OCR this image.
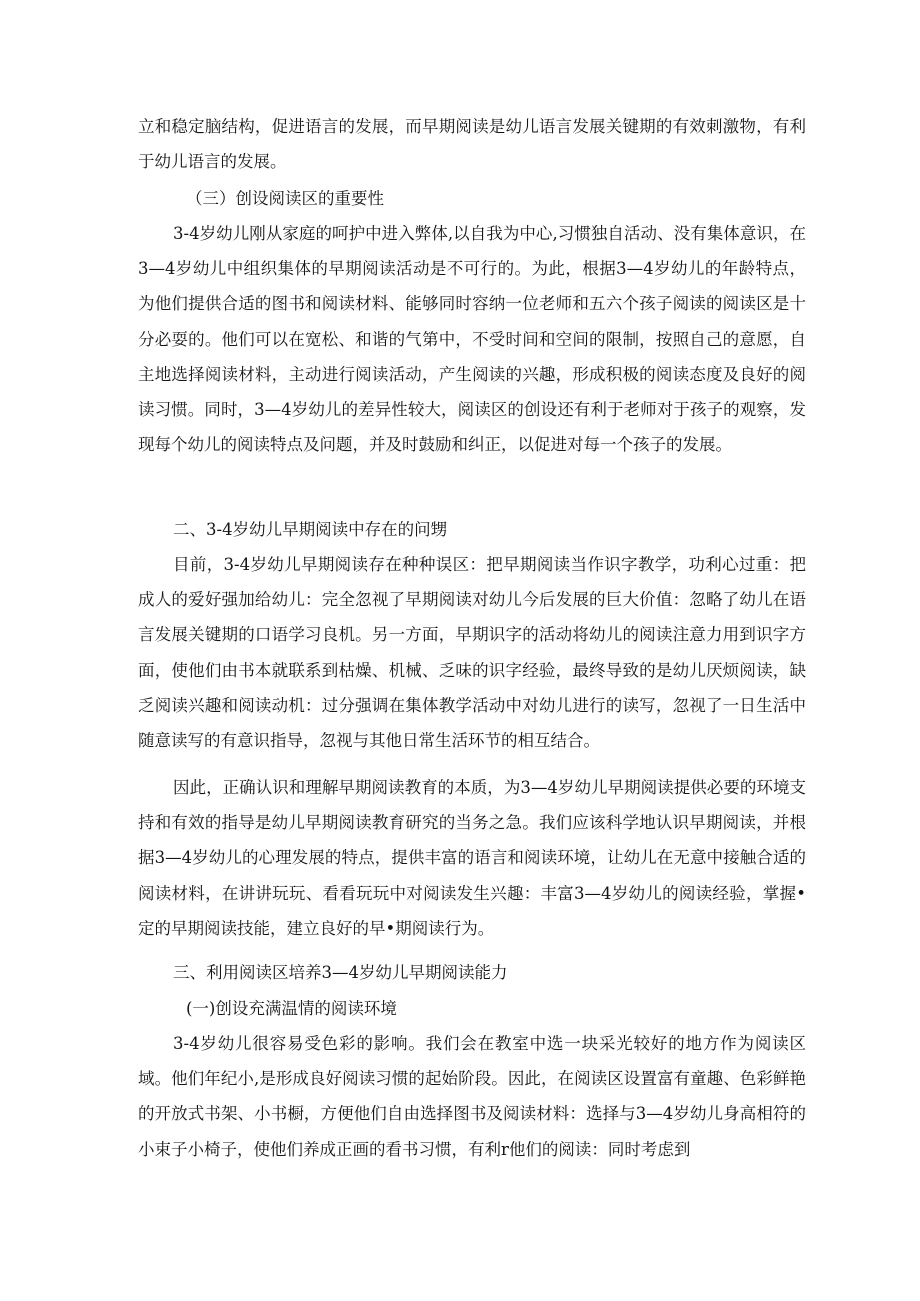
立和稳定脑结构，促进语言的发展，而早期阅读是幼儿语言发展关键期的有效刺激物，有利于幼儿语言的发展。

（三）创设阅读区的重要性

3-4岁幼儿刚从家庭的呵护中进入弊体,以自我为中心,习惯独自活动、没有集体意识，在3—4岁幼儿中组织集体的早期阅读活动是不可行的。为此，根据3—4岁幼儿的年龄特点，为他们提供合适的图书和阅读材料、能够同时容纳一位老师和五六个孩子阅读的阅读区是十分必耍的。他们可以在宽松、和谐的气第中，不受时间和空间的限制，按照自己的意愿，自主地选择阅读材料，主动进行阅读活动，产生阅读的兴趣，形成积极的阅读态度及良好的阅读习惯。同时，3—4岁幼儿的差异性较大，阅读区的创设还有利于老师对于孩子的观察，发现每个幼儿的阅读特点及问题，并及时鼓励和纠正，以促进对每一个孩子的发展。

二、3-4岁幼儿早期阅读中存在的问甥

目前，3-4岁幼儿早期阅读存在种种误区：把早期阅读当作识字教学，功利心过重：把成人的爱好强加给幼儿：完全忽视了早期阅读对幼儿今后发展的巨大价值：忽略了幼儿在语言发展关键期的口语学习良机。另一方面，早期识字的活动将幼儿的阅读注意力用到识字方面，使他们由书本就联系到枯燥、机械、乏味的识字经验，最终导致的是幼儿厌烦阅读，缺乏阅读兴趣和阅读动机：过分强调在集体教学活动中对幼儿进行的读写，忽视了一日生活中随意读写的有意识指导，忽视与其他日常生活环节的相互结合。

因此，正确认识和理解早期阅读教育的本质，为3—4岁幼儿早期阅读提供必要的环境支持和有效的指导是幼儿早期阅读教育研究的当务之急。我们应该科学地认识早期阅读，并根据3—4岁幼儿的心理发展的特点，提供丰富的语言和阅读环境，让幼儿在无意中接触合适的阅读材料，在讲讲玩玩、看看玩玩中对阅读发生兴趣：丰富3—4岁幼儿的阅读经验，掌握•定的早期阅读技能，建立良好的早•期阅读行为。

三、利用阅读区培养3—4岁幼儿早期阅读能力

(一)创设充满温情的阅读环境

3-4岁幼儿很容易受色彩的影响。我们会在教室中选一块采光较好的地方作为阅读区域。他们年纪小,是形成良好阅读习惯的起始阶段。因此，在阅读区设置富有童趣、色彩鲜艳的开放式书架、小书橱，方便他们自由选择图书及阅读材料：选择与3—4岁幼儿身高相符的小束子小椅子，使他们养成正画的看书习惯，有利r他们的阅读：同时考虑到
